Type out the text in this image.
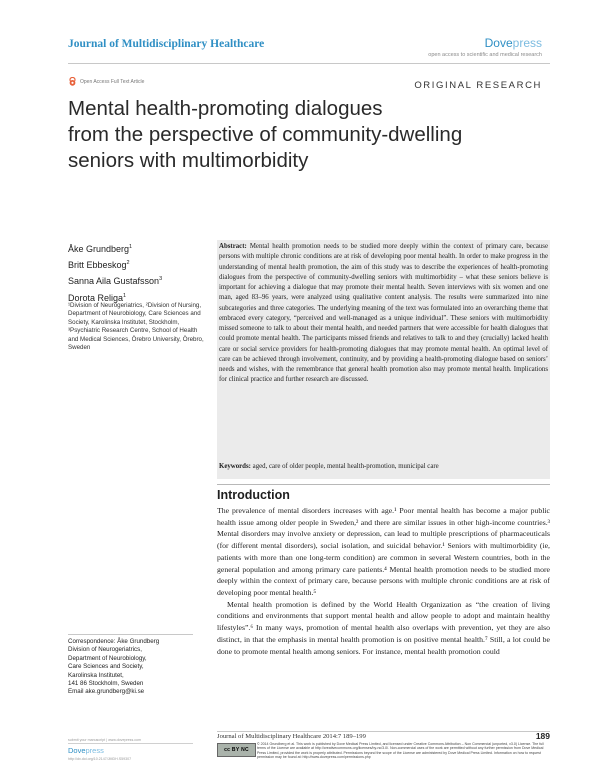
Journal of Multidisciplinary Healthcare	Dovepress
open access to scientific and medical research
Open Access Full Text Article	ORIGINAL RESEARCH
Mental health-promoting dialogues
from the perspective of community-dwelling
seniors with multimorbidity
Åke Grundberg$^1$
Britt Ebbeskog$^2$
Sanna Aila Gustafsson$^3$
Dorota Religa$^1$
¹Division of Neurogeriatrics, ²Division of Nursing, Department of Neurobiology, Care Sciences and Society, Karolinska Institutet, Stockholm, ³Psychiatric Research Centre, School of Health and Medical Sciences, Örebro University, Örebro, Sweden
Abstract: Mental health promotion needs to be studied more deeply within the context of primary care, because persons with multiple chronic conditions are at risk of developing poor mental health. In order to make progress in the understanding of mental health promotion, the aim of this study was to describe the experiences of health-promoting dialogues from the perspective of community-dwelling seniors with multimorbidity – what these seniors believe is important for achieving a dialogue that may promote their mental health. Seven interviews with six women and one man, aged 83–96 years, were analyzed using qualitative content analysis. The results were summarized into nine subcategories and three categories. The underlying meaning of the text was formulated into an overarching theme that embraced every category, “perceived and well-managed as a unique individual”. These seniors with multimorbidity missed someone to talk to about their mental health, and needed partners that were accessible for health dialogues that could promote mental health. The participants missed friends and relatives to talk to and they (crucially) lacked health care or social service providers for health-promoting dialogues that may promote mental health. An optimal level of care can be achieved through involvement, continuity, and by providing a health-promoting dialogue based on seniors’ needs and wishes, with the remembrance that general health promotion also may promote mental health. Implications for clinical practice and further research are discussed.
Keywords: aged, care of older people, mental health-promotion, municipal care
Introduction

The prevalence of mental disorders increases with age.¹ Poor mental health has become a major public health issue among older people in Sweden,² and there are similar issues in other high-income countries.³ Mental disorders may involve anxiety or depression, can lead to multiple prescriptions of pharmaceuticals (for different mental disorders), social isolation, and suicidal behavior.¹ Seniors with multimorbidity (ie, patients with more than one long-term condition) are common in several Western countries, both in the general population and among primary care patients.⁴ Mental health promotion needs to be studied more deeply within the context of primary care, because persons with multiple chronic conditions are at risk of developing poor mental health.⁵

Mental health promotion is defined by the World Health Organization as “the creation of living conditions and environments that support mental health and allow people to adopt and maintain healthy lifestyles”.⁶ In many ways, promotion of mental health also overlaps with prevention, yet they are also distinct, in that the emphasis in mental health promotion is on positive mental health.⁷ Still, a lot could be done to promote mental health among seniors. For instance, mental health promotion could

Correspondence: Åke Grundberg
Division of Neurogeriatrics,
Department of Neurobiology,
Care Sciences and Society,
Karolinska Institutet,
141 86 Stockholm, Sweden
Email ake.grundberg@ki.se
Journal of Multidisciplinary Healthcare 2014:7 189–199	189
submit your manuscript | www.dovepress.com
Dovepress
http://dx.doi.org/10.2147/JMDH.S59307
cc BY NC
© 2014 Grundberg et al. This work is published by Dove Medical Press Limited, and licensed under Creative Commons Attribution – Non Commercial (unported, v3.0) License. The full terms of the License are available at http://creativecommons.org/licenses/by-nc/3.0/. Non-commercial uses of the work are permitted without any further permission from Dove Medical Press Limited, provided the work is properly attributed. Permissions beyond the scope of the License are administered by Dove Medical Press Limited. Information on how to request permission may be found at: http://www.dovepress.com/permissions.php
